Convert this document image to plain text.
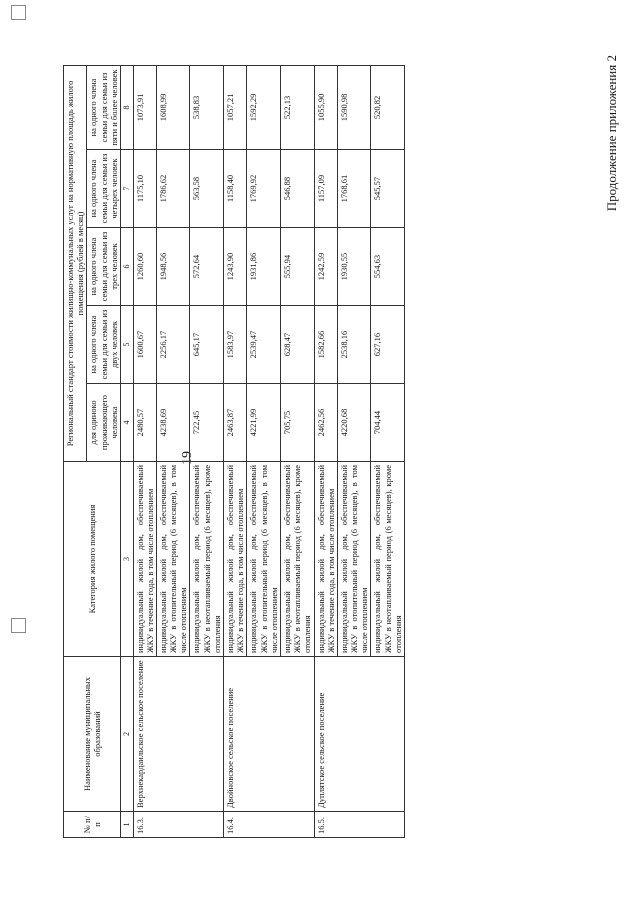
19
№ п/п	Наименование муниципальных образований	Категория жилого помещения	Региональный стандарт стоимости жилищно-коммунальных услуг на нормативную площадь жилого помещения (рублей в месяц)				
			для одиноко проживающего человека	на одного члена семьи для семьи из двух человек	на одного члена семьи для семьи из трех человек	на одного члена семьи для семьи из четырех человек	на одного члена семьи для семьи из пяти и более человек
1	2	3	4	5	6	7	8
16.3.	Верхнекардаильское сельское поселение	индивидуальный жилой дом, обеспечиваемый ЖКУ в течение года, в том числе отоплением	2480,57	1600,67	1260,60	1175,10	1073,91
		индивидуальный жилой дом, обеспечиваемый ЖКУ в отопительный период (6 месяцев), в том числе отоплением	4238,69	2256,17	1948,56	1786,62	1608,99
		индивидуальный жилой дом, обеспечиваемый ЖКУ в неотапливаемый период (6 месяцев), кроме отопления	722,45	645,17	572,64	563,58	538,83
16.4.	Двойновское сельское поселение	индивидуальный жилой дом, обеспечиваемый ЖКУ в течение года, в том числе отоплением	2463,87	1583,97	1243,90	1158,40	1057,21
		индивидуальный жилой дом, обеспечиваемый ЖКУ в отопительный период (6 месяцев), в том числе отоплением	4221,99	2539,47	1931,86	1769,92	1592,29
		индивидуальный жилой дом, обеспечиваемый ЖКУ в неотапливаемый период (6 месяцев), кроме отопления	705,75	628,47	555,94	546,88	522,13
16.5.	Дуплятское сельское поселение	индивидуальный жилой дом, обеспечиваемый ЖКУ в течение года, в том числе отоплением	2462,56	1582,66	1242,59	1157,09	1055,90
		индивидуальный жилой дом, обеспечиваемый ЖКУ в отопительный период (6 месяцев), в том числе отоплением	4220,68	2538,16	1930,55	1768,61	1590,98
		индивидуальный жилой дом, обеспечиваемый ЖКУ в неотапливаемый период (6 месяцев), кроме отопления	704,44	627,16	554,63	545,57	520,82	Продолжение приложения 2
